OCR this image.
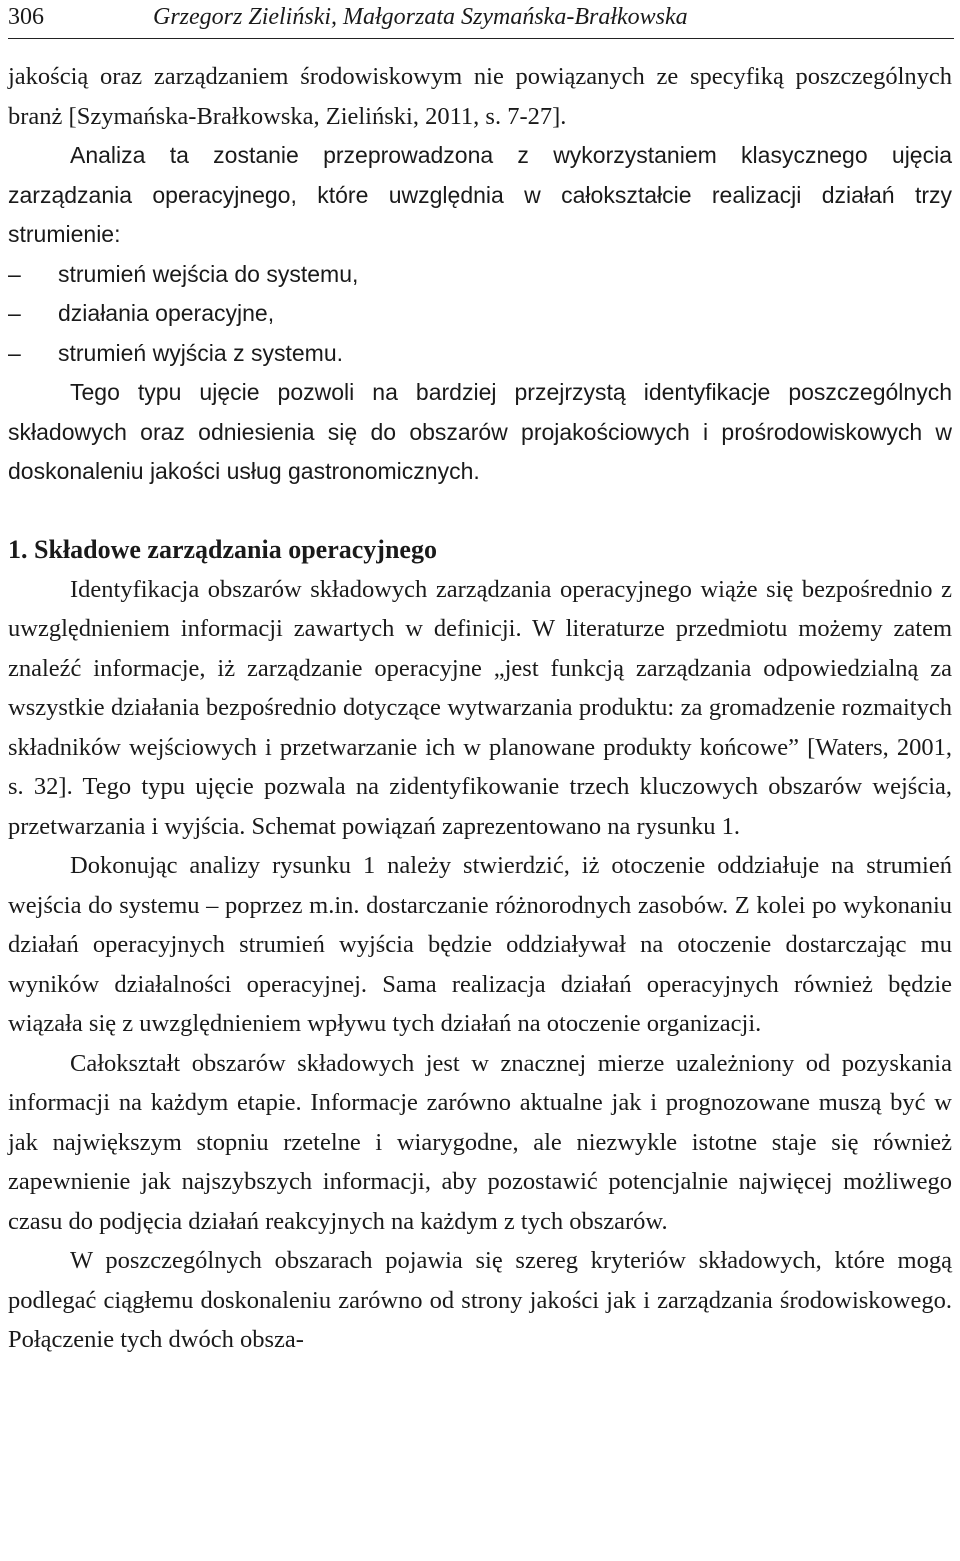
306	Grzegorz Zieliński, Małgorzata Szymańska-Brałkowska

jakością oraz zarządzaniem środowiskowym nie powiązanych ze specyfiką poszczególnych branż [Szymańska-Brałkowska, Zieliński, 2011, s. 7-27].

Analiza ta zostanie przeprowadzona z wykorzystaniem klasycznego ujęcia zarządzania operacyjnego, które uwzględnia w całokształcie realizacji działań trzy strumienie:

– strumień wejścia do systemu,
– działania operacyjne,
– strumień wyjścia z systemu.

Tego typu ujęcie pozwoli na bardziej przejrzystą identyfikacje poszczególnych składowych oraz odniesienia się do obszarów projakościowych i prośrodowiskowych w doskonaleniu jakości usług gastronomicznych.

1. Składowe zarządzania operacyjnego

Identyfikacja obszarów składowych zarządzania operacyjnego wiąże się bezpośrednio z uwzględnieniem informacji zawartych w definicji. W literaturze przedmiotu możemy zatem znaleźć informacje, iż zarządzanie operacyjne „jest funkcją zarządzania odpowiedzialną za wszystkie działania bezpośrednio dotyczące wytwarzania produktu: za gromadzenie rozmaitych składników wejściowych i przetwarzanie ich w planowane produkty końcowe” [Waters, 2001, s. 32]. Tego typu ujęcie pozwala na zidentyfikowanie trzech kluczowych obszarów wejścia, przetwarzania i wyjścia. Schemat powiązań zaprezentowano na rysunku 1.

Dokonując analizy rysunku 1 należy stwierdzić, iż otoczenie oddziałuje na strumień wejścia do systemu – poprzez m.in. dostarczanie różnorodnych zasobów. Z kolei po wykonaniu działań operacyjnych strumień wyjścia będzie oddziaływał na otoczenie dostarczając mu wyników działalności operacyjnej. Sama realizacja działań operacyjnych również będzie wiązała się z uwzględnieniem wpływu tych działań na otoczenie organizacji.

Całokształt obszarów składowych jest w znacznej mierze uzależniony od pozyskania informacji na każdym etapie. Informacje zarówno aktualne jak i prognozowane muszą być w jak największym stopniu rzetelne i wiarygodne, ale niezwykle istotne staje się również zapewnienie jak najszybszych informacji, aby pozostawić potencjalnie najwięcej możliwego czasu do podjęcia działań reakcyjnych na każdym z tych obszarów.

W poszczególnych obszarach pojawia się szereg kryteriów składowych, które mogą podlegać ciągłemu doskonaleniu zarówno od strony jakości jak i zarządzania środowiskowego. Połączenie tych dwóch obsza-
